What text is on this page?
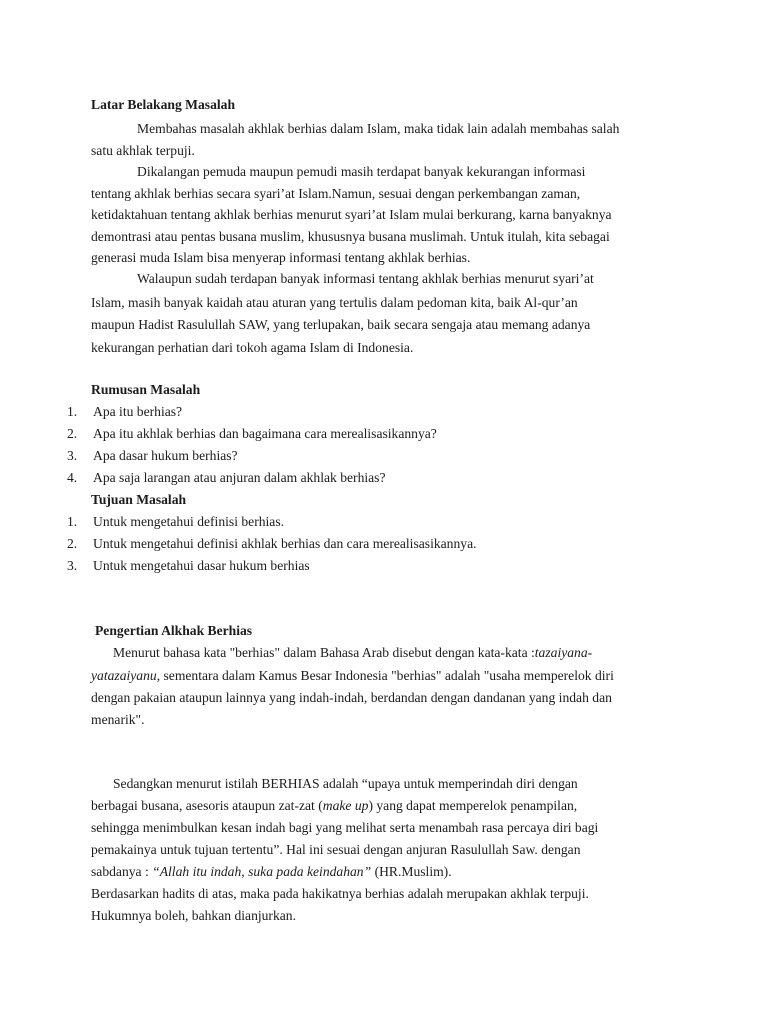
Latar Belakang Masalah
Membahas masalah akhlak berhias dalam Islam, maka tidak lain adalah membahas salah
satu akhlak terpuji.
Dikalangan pemuda maupun pemudi masih terdapat banyak kekurangan informasi
tentang akhlak berhias secara syari’at Islam.Namun, sesuai dengan perkembangan zaman,
ketidaktahuan tentang akhlak berhias menurut syari’at Islam mulai berkurang, karna banyaknya
demontrasi atau pentas busana muslim, khususnya busana muslimah. Untuk itulah, kita sebagai
generasi muda Islam bisa menyerap informasi tentang akhlak berhias.
Walaupun sudah terdapan banyak informasi tentang akhlak berhias menurut syari’at
Islam, masih banyak kaidah atau aturan yang tertulis dalam pedoman kita, baik Al-qur’an
maupun Hadist Rasulullah SAW, yang terlupakan, baik secara sengaja atau memang adanya
kekurangan perhatian dari tokoh agama Islam di Indonesia.
Rumusan Masalah
1. Apa itu berhias?
2. Apa itu akhlak berhias dan bagaimana cara merealisasikannya?
3. Apa dasar hukum berhias?
4. Apa saja larangan atau anjuran dalam akhlak berhias?
Tujuan Masalah
1. Untuk mengetahui definisi berhias.
2. Untuk mengetahui definisi akhlak berhias dan cara merealisasikannya.
3. Untuk mengetahui dasar hukum berhias
Pengertian Alkhak Berhias
Menurut bahasa kata "berhias" dalam Bahasa Arab disebut dengan kata-kata :tazaiyana-
yatazaiyanu, sementara dalam Kamus Besar Indonesia "berhias" adalah "usaha memperelok diri
dengan pakaian ataupun lainnya yang indah-indah, berdandan dengan dandanan yang indah dan
menarik".
Sedangkan menurut istilah BERHIAS adalah “upaya untuk memperindah diri dengan
berbagai busana, asesoris ataupun zat-zat (make up) yang dapat memperelok penampilan,
sehingga menimbulkan kesan indah bagi yang melihat serta menambah rasa percaya diri bagi
pemakainya untuk tujuan tertentu”. Hal ini sesuai dengan anjuran Rasulullah Saw. dengan
sabdanya : “Allah itu indah, suka pada keindahan” (HR.Muslim).
Berdasarkan hadits di atas, maka pada hakikatnya berhias adalah merupakan akhlak terpuji.
Hukumnya boleh, bahkan dianjurkan.
